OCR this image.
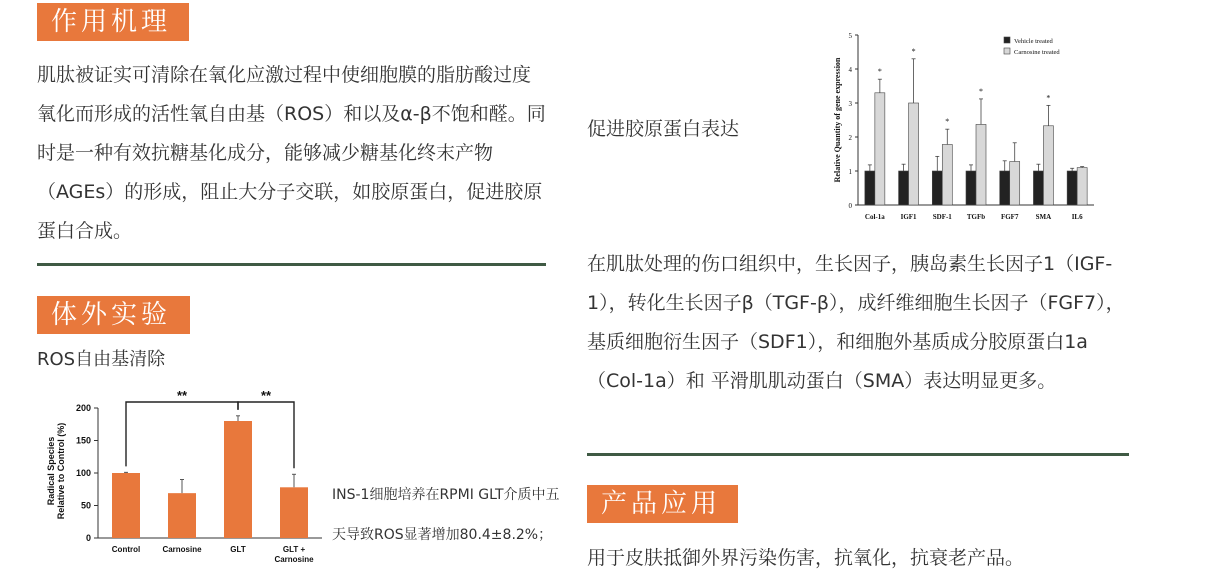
作用机理

肌肽被证实可清除在氧化应激过程中使细胞膜的脂肪酸过度氧化而形成的活性氧自由基（ROS）和以及α-β不饱和醛。同时是一种有效抗糖基化成分，能够减少糖基化终末产物（AGEs）的形成，阻止大分子交联，如胶原蛋白，促进胶原蛋白合成。

体外实验
ROS自由基清除
Radical Species Relative to Control (%)
0
50
100
150
200
Control	Carnosine	GLT	GLT +
Carnosine
**	**
INS-1细胞培养在RPMI GLT介质中五
天导致ROS显著增加80.4±8.2%；
促进胶原蛋白表达	Relative Quantity of gene expression
0
1
2
3
4
5
*
Col-1a
*
IGF1
*
SDF-1
*
TGFb FGF7
*
SMA	IL6
Vehicle treated
Carnosine treated

在肌肽处理的伤口组织中，生长因子，胰岛素生长因子1（IGF-1），转化生长因子β（TGF-β），成纤维细胞生长因子（FGF7），基质细胞衍生因子（SDF1），和细胞外基质成分胶原蛋白1a（Col-1a）和 平滑肌肌动蛋白（SMA）表达明显更多。

产品应用
用于皮肤抵御外界污染伤害，抗氧化，抗衰老产品。
